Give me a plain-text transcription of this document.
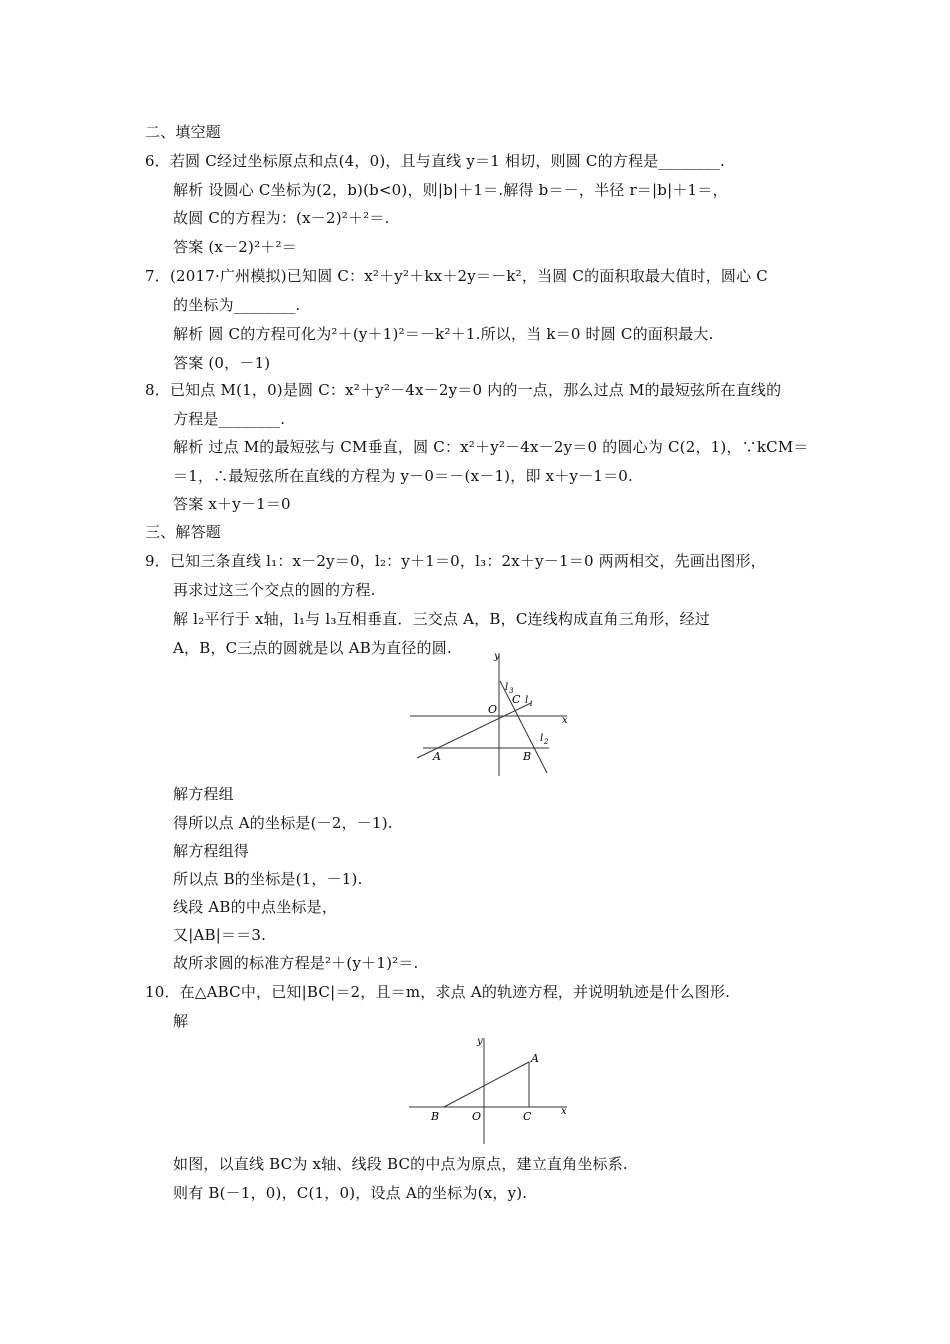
二、填空题
6．若圆 C经过坐标原点和点(4，0)，且与直线 y＝1 相切，则圆 C的方程是________.
解析 设圆心 C坐标为(2，b)(b<0)，则|b|＋1＝.解得 b＝－，半径 r＝|b|＋1＝，
故圆 C的方程为：(x－2)²＋²＝.
答案 (x－2)²＋²＝
7．(2017·广州模拟)已知圆 C：x²＋y²＋kx＋2y＝－k²，当圆 C的面积取最大值时，圆心 C
的坐标为________.
解析 圆 C的方程可化为²＋(y＋1)²＝－k²＋1.所以，当 k＝0 时圆 C的面积最大.
答案 (0，－1)
8．已知点 M(1，0)是圆 C：x²＋y²－4x－2y＝0 内的一点，那么过点 M的最短弦所在直线的
方程是________.
解析 过点 M的最短弦与 CM垂直，圆 C：x²＋y²－4x－2y＝0 的圆心为 C(2，1)，∵kCM＝
＝1，∴最短弦所在直线的方程为 y－0＝－(x－1)，即 x＋y－1＝0.
答案 x＋y－1＝0
三、解答题
9．已知三条直线 l₁：x－2y＝0，l₂：y＋1＝0，l₃：2x＋y－1＝0 两两相交，先画出图形，
再求过这三个交点的圆的方程.
解 l₂平行于 x轴，l₁与 l₃互相垂直．三交点 A，B，C连线构成直角三角形，经过
A，B，C三点的圆就是以 AB为直径的圆.	y
x
O
C
A	B
l 3
l 1
l 2
解方程组
得所以点 A的坐标是(－2，－1).
解方程组得
所以点 B的坐标是(1，－1).
线段 AB的中点坐标是，
又|AB|＝＝3.
故所求圆的标准方程是²＋(y＋1)²＝.
10．在△ABC中，已知|BC|＝2，且＝m，求点 A的轨迹方程，并说明轨迹是什么图形.
解
y
x
A
B	O	C
如图，以直线 BC为 x轴、线段 BC的中点为原点，建立直角坐标系.
则有 B(－1，0)，C(1，0)，设点 A的坐标为(x，y).
